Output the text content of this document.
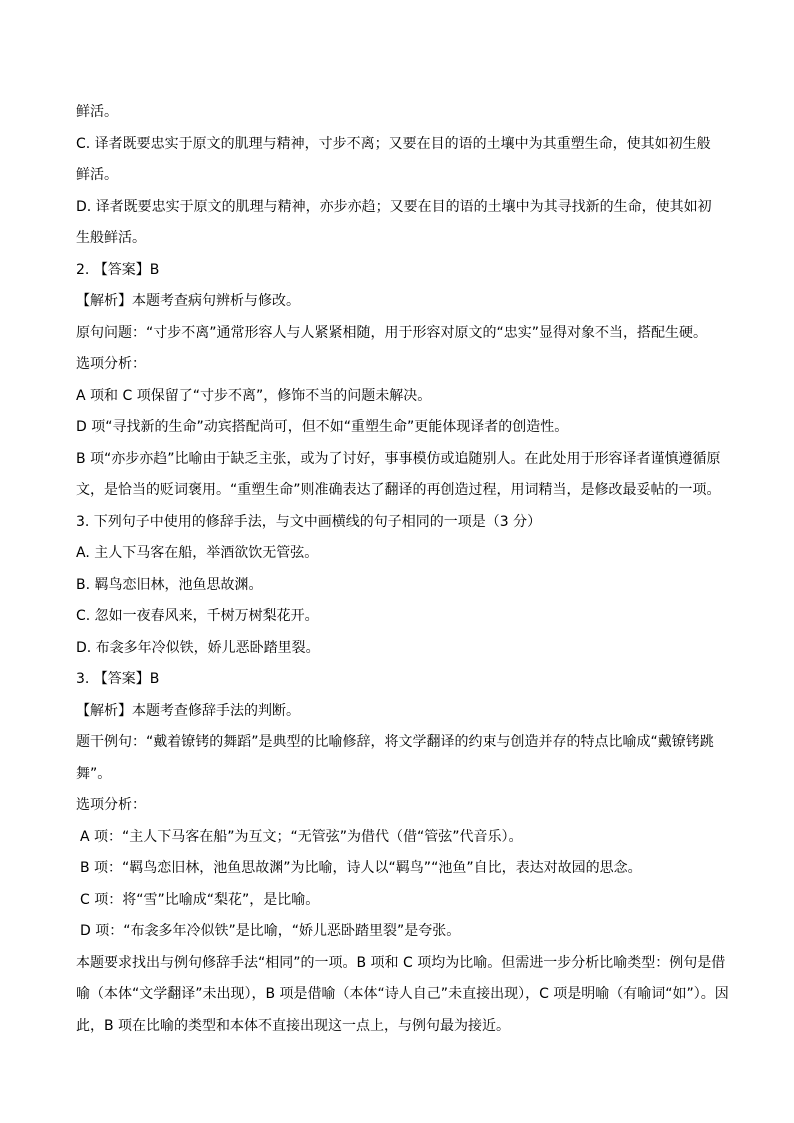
鲜活。
C. 译者既要忠实于原文的肌理与精神，寸步不离；又要在目的语的土壤中为其重塑生命，使其如初生般
鲜活。
D. 译者既要忠实于原文的肌理与精神，亦步亦趋；又要在目的语的土壤中为其寻找新的生命，使其如初
生般鲜活。
2. 【答案】B
【解析】本题考查病句辨析与修改。
原句问题：“寸步不离”通常形容人与人紧紧相随，用于形容对原文的“忠实”显得对象不当，搭配生硬。
选项分析：
A 项和 C 项保留了“寸步不离”，修饰不当的问题未解决。
D 项“寻找新的生命”动宾搭配尚可，但不如“重塑生命”更能体现译者的创造性。
B 项“亦步亦趋”比喻由于缺乏主张，或为了讨好，事事模仿或追随别人。在此处用于形容译者谨慎遵循原
文，是恰当的贬词褒用。“重塑生命”则准确表达了翻译的再创造过程，用词精当，是修改最妥帖的一项。
3. 下列句子中使用的修辞手法，与文中画横线的句子相同的一项是（3 分）
A. 主人下马客在船，举酒欲饮无管弦。
B. 羁鸟恋旧林，池鱼思故渊。
C. 忽如一夜春风来，千树万树梨花开。
D. 布衾多年冷似铁，娇儿恶卧踏里裂。
3. 【答案】B
【解析】本题考查修辞手法的判断。
题干例句：“戴着镣铐的舞蹈”是典型的比喻修辞，将文学翻译的约束与创造并存的特点比喻成“戴镣铐跳
舞”。
选项分析：
A 项：“主人下马客在船”为互文；“无管弦”为借代（借“管弦”代音乐）。
B 项：“羁鸟恋旧林，池鱼思故渊”为比喻，诗人以“羁鸟”“池鱼”自比，表达对故园的思念。
C 项：将“雪”比喻成“梨花”，是比喻。
D 项：“布衾多年冷似铁”是比喻，“娇儿恶卧踏里裂”是夸张。
本题要求找出与例句修辞手法“相同”的一项。B 项和 C 项均为比喻。但需进一步分析比喻类型：例句是借
喻（本体“文学翻译”未出现），B 项是借喻（本体“诗人自己”未直接出现），C 项是明喻（有喻词“如”）。因
此，B 项在比喻的类型和本体不直接出现这一点上，与例句最为接近。
